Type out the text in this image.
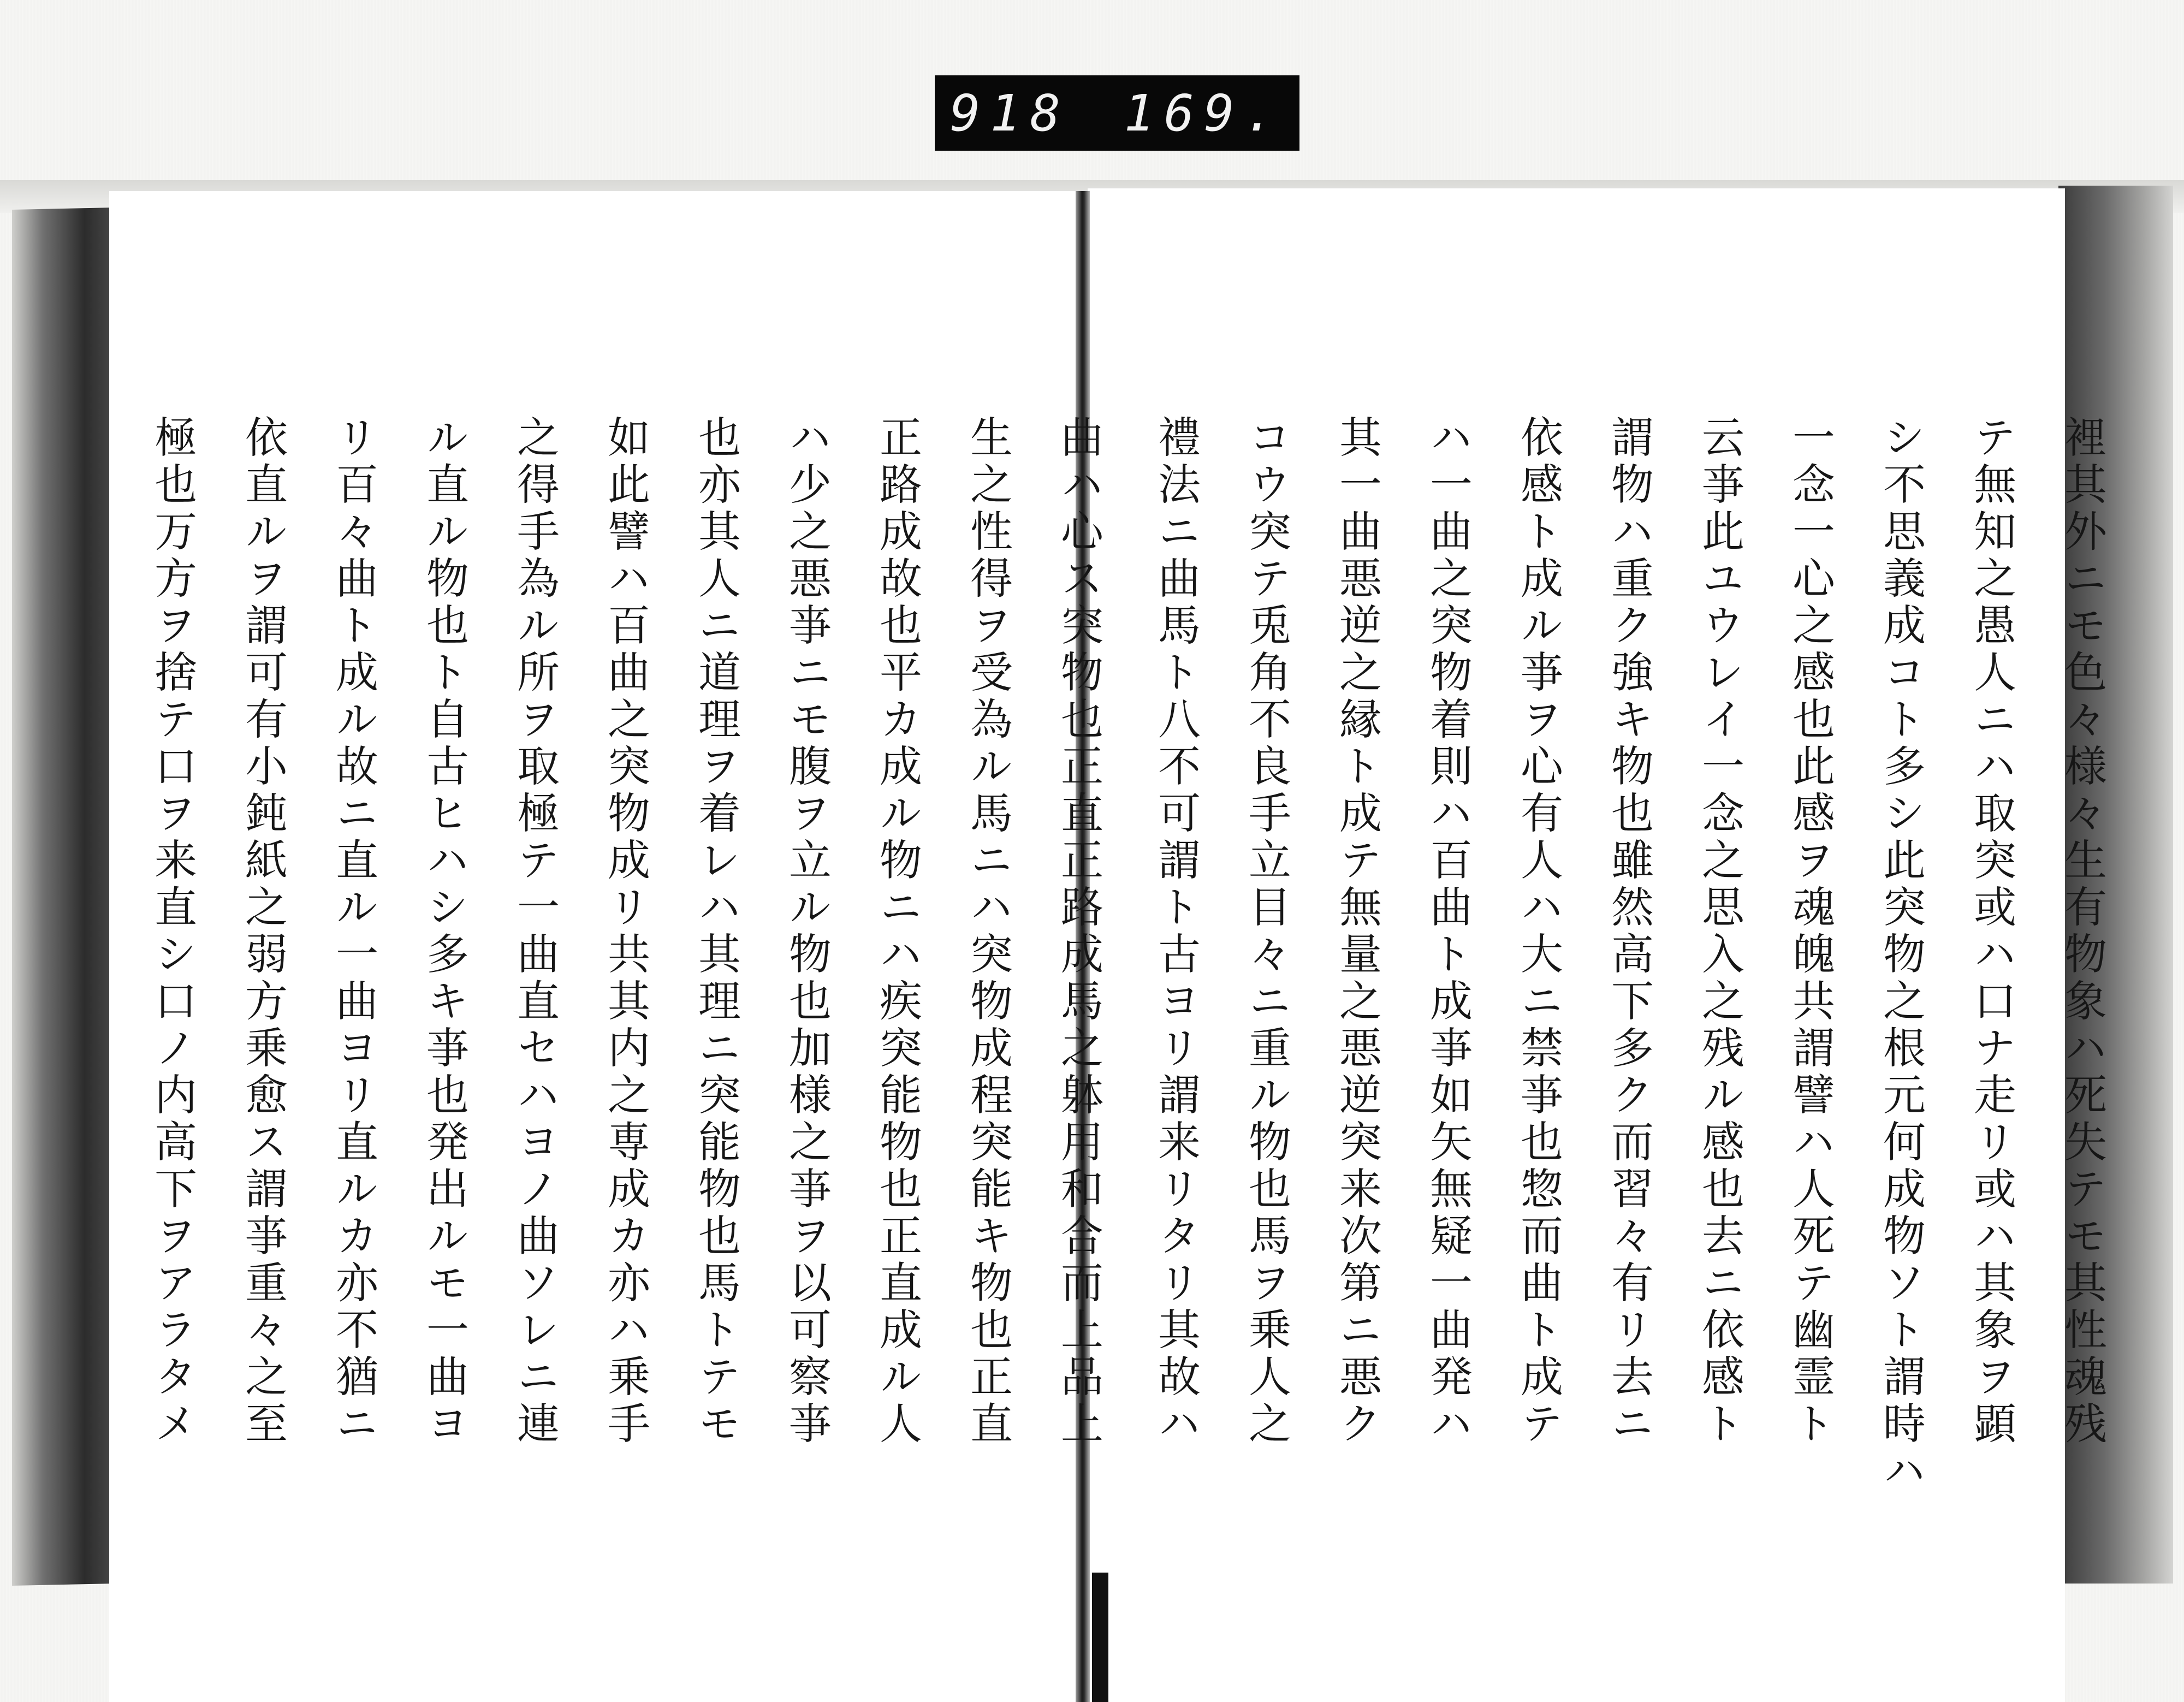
918 169.
裡其外ニモ色々様々生有物象ハ死失テモ其性魂残
テ無知之愚人ニハ取突或ハ口ナ走リ或ハ其象ヲ顕
シ不思義成コト多シ此突物之根元何成物ソト謂時ハ
一念一心之感也此感ヲ魂魄共謂譬ハ人死テ幽霊ト
云亊此ユウレイ一念之思入之残ル感也去ニ依感ト
謂物ハ重ク強キ物也雖然高下多ク而習々有リ去ニ
依感ト成ル亊ヲ心有人ハ大ニ禁亊也惣而曲ト成テ
ハ一曲之突物着則ハ百曲ト成亊如矢無疑一曲発ハ
其一曲悪逆之縁ト成テ無量之悪逆突来次第ニ悪ク
コウ突テ兎角不良手立目々ニ重ル物也馬ヲ乗人之
禮法ニ曲馬ト八不可謂ト古ヨリ謂来リタリ其故ハ
曲ハ心ス突物也正直正路成馬之躰用和合而上品上
生之性得ヲ受為ル馬ニハ突物成程突能キ物也正直
正路成故也平カ成ル物ニハ疾突能物也正直成ル人
ハ少之悪亊ニモ腹ヲ立ル物也加様之亊ヲ以可察亊
也亦其人ニ道理ヲ着レハ其理ニ突能物也馬トテモ
如此譬ハ百曲之突物成リ共其内之専成カ亦ハ乗手
之得手為ル所ヲ取極テ一曲直セハヨノ曲ソレニ連
ル直ル物也ト自古ヒハシ多キ亊也発出ルモ一曲ヨ
リ百々曲ト成ル故ニ直ル一曲ヨリ直ルカ亦不猶ニ
依直ルヲ謂可有小鈍紙之弱方乗愈ス謂亊重々之至
極也万方ヲ捨テ口ヲ来直シ口ノ内高下ヲアラタメ
